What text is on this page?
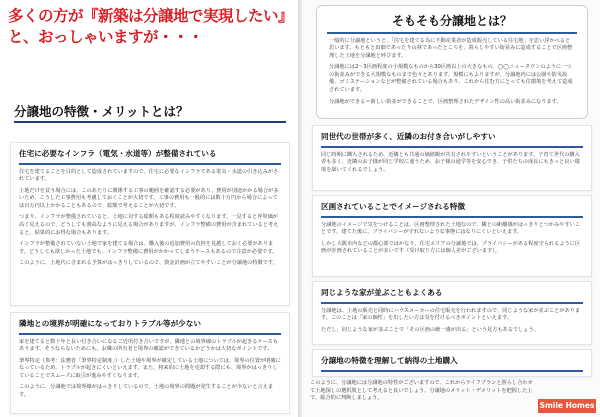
多くの方が『新築は分譲地で実現したい』
と、おっしゃいますが・・・
分譲地の特徴・メリットとは？
住宅に必要なインフラ（電気・水道等）が整備されている

住宅を建てることを目的として造成されていますので、住宅に必要なインフラである電気・水道の引き込みがされています。

土地だけを買う場合には、このあたりに関係する工事の範囲を確認する必要があり、費用が別途かかる場合が多いため、こうした工事費用も考慮しておくことが大切です。工事の費用も一般的には数十万円から場合によっては百万円以上かかることもあるので、総額で考えることが大切です。

つまり、インフラが整備されていると、土地に対する総額もある程度読みやすくなります。一見すると坪単価が高く見えるので、どうしても割高なように見える場合がありますが、インフラ整備の費用が含まれていると考えると、結果的にお得な場合もあります。

インフラが整備されていない土地で家を建てる場合は、購入後の追加費用の負担を見越しておく必要があります。どうしても欲しかった土地でも、インフラ整備に費用がかかってしまうケースもあるので注意が必要です。

このように、土地代に含まれる予算がはっきりしているので、資金計画が立てやすいことが分譲地の特徴です。

隣地との境界が明確になっておりトラブル等が少ない

家を建てると数十年と長い付き合いになるご近所付き合いですが、隣地との境界線のトラブルが起きるケースもあります。そうならないためにも、お隣の所有者と境界の確認ができているかどうかは大切なポイントです。

筆界特定（参考：法務省「筆界特定制度」）した土地や境界が確定している土地については、境界の位置が明確になっているため、トラブルが起きにくいといえます。また、将来的に土地を売却する際にも、境界がはっきりしていることでスムーズに取引が進みやすくなります。

このように、分譲地では境界線がはっきりしているので、土地の境界の問題が発生することが少ないと言えます。

そもそも分譲地とは？

一般的に分譲地というと、「住宅を建てる為に不動産業者が造成販売している住宅地」を思い浮かべると思います。もともと田畑であったり山林であったところを、暮らしやすい街並みに造成することで区画整理した土地を分譲地と呼びます。

分譲地には2〜3区画程度の小規模なものから30区画以上の大きなもの、◯◯ニュータウンのように一つの街並みができる大規模なものまで色々とあります。規模にもよりますが、分譲地内には公園や防災設備、ゴミステーションなどが整備されている場合もあり、これから住む方にとっても住環境を考えて造成されています。

分譲地ができる＝新しい街並ができることで、区画整理されたデザイン性の高い街並みになります。

同世代の世帯が多く、近隣のお付き合いがしやすい

同じ時期に購入されるため、近隣とも共通の価値観が共有されやすいということがあります。子育て世代の購入者も多く、近隣のお子様が同じ学校に通うため、お子様の通学等を安心でき、子供たちの成長にもきっと良い環境を築いてくれるでしょう。

区画されていることでイメージされる特徴

分譲地のイメージで気をつけることは、区画整理された土地なので、隣との距離感がはっきりとつかみやすいことです。建てた後に、プライバシーが守れないような事態にはなりにくいといえます。

しかし大阪市内などの都心部ではかなり、住宅エリアの分譲地では、プライバシーがある程度守られるように区画が計画されていることが多いです（受け取り方には個人差がございます）。

同じような家が並ぶこともよくある

分譲地は、土地の販売と同時にハウスメーカーの住宅販売を行われますので、同じような家が並ぶことがあります。このことは「家の個性」を出したい方は気を付けるべきポイントといえます。

ただし、同じような家が並ぶことで「その区画の統一感が出る」という見方もあるでしょう。

分譲地の特徴を理解して納得の土地購入
このように、分譲地には分譲地の特性がございますので、これからライフプランと照らし合わせて土地探しの選択肢として考えると良いでしょう。分譲地のメリット・デメリットを把握した上で、総合的に判断しましょう。
Smile Homes
